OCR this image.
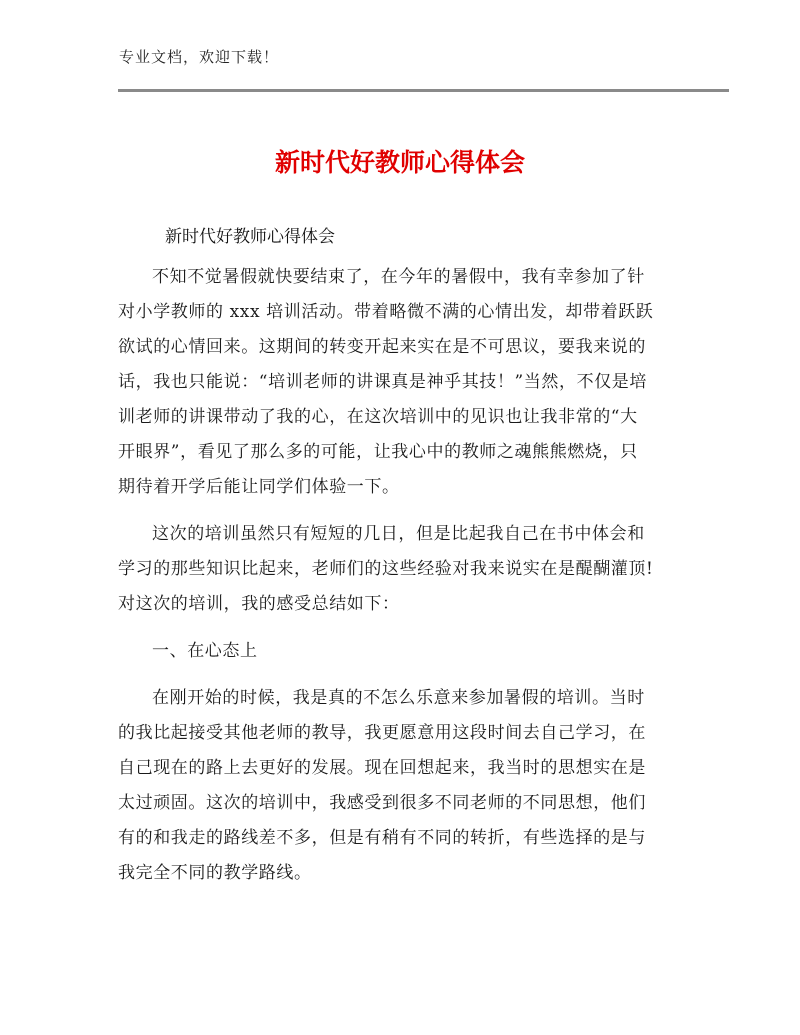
专业文档，欢迎下载！
新时代好教师心得体会
新时代好教师心得体会

不知不觉暑假就快要结束了，在今年的暑假中，我有幸参加了针
对小学教师的 xxx 培训活动。带着略微不满的心情出发，却带着跃跃
欲试的心情回来。这期间的转变开起来实在是不可思议，要我来说的
话，我也只能说：“培训老师的讲课真是神乎其技！”当然，不仅是培
训老师的讲课带动了我的心，在这次培训中的见识也让我非常的“大
开眼界”，看见了那么多的可能，让我心中的教师之魂熊熊燃烧，只
期待着开学后能让同学们体验一下。

这次的培训虽然只有短短的几日，但是比起我自己在书中体会和
学习的那些知识比起来，老师们的这些经验对我来说实在是醍醐灌顶!
对这次的培训，我的感受总结如下：

一、在心态上

在刚开始的时候，我是真的不怎么乐意来参加暑假的培训。当时
的我比起接受其他老师的教导，我更愿意用这段时间去自己学习，在
自己现在的路上去更好的发展。现在回想起来，我当时的思想实在是
太过顽固。这次的培训中，我感受到很多不同老师的不同思想，他们
有的和我走的路线差不多，但是有稍有不同的转折，有些选择的是与
我完全不同的教学路线。
